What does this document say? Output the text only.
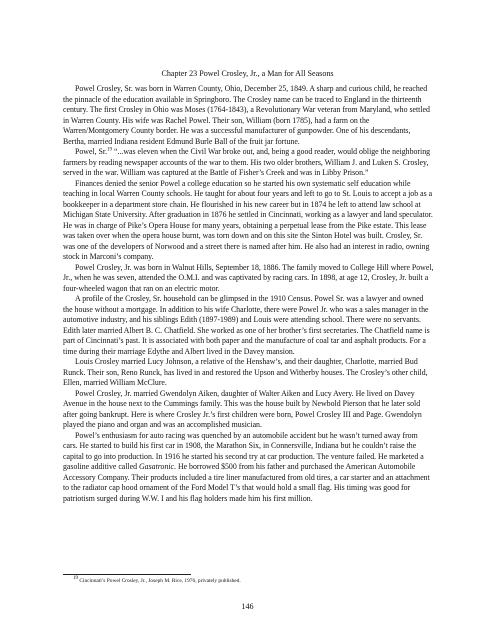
Chapter 23 Powel Crosley, Jr., a Man for All Seasons

Powel Crosley, Sr. was born in Warren County, Ohio, December 25, 1849. A sharp and curious child, he reached the pinnacle of the education available in Springboro. The Crosley name can be traced to England in the thirteenth century. The first Crosley in Ohio was Moses (1764-1843), a Revolutionary War veteran from Maryland, who settled in Warren County. His wife was Rachel Powel. Their son, William (born 1785), had a farm on the Warren/Montgomery County border. He was a successful manufacturer of gunpowder. One of his descendants, Bertha, married Indiana resident Edmund Burle Ball of the fruit jar fortune.

Powel, Sr.$^{19}$ “...was eleven when the Civil War broke out, and, being a good reader, would oblige the neighboring farmers by reading newspaper accounts of the war to them. His two older brothers, William J. and Luken S. Crosley, served in the war. William was captured at the Battle of Fisher’s Creek and was in Libby Prison.”

Finances denied the senior Powel a college education so he started his own systematic self education while teaching in local Warren County schools. He taught for about four years and left to go to St. Louis to accept a job as a bookkeeper in a department store chain. He flourished in his new career but in 1874 he left to attend law school at Michigan State University. After graduation in 1876 he settled in Cincinnati, working as a lawyer and land speculator. He was in charge of Pike’s Opera House for many years, obtaining a perpetual lease from the Pike estate. This lease was taken over when the opera house burnt, was torn down and on this site the Sinton Hotel was built. Crosley, Sr. was one of the developers of Norwood and a street there is named after him. He also had an interest in radio, owning stock in Marconi’s company.

Powel Crosley, Jr. was born in Walnut Hills, September 18, 1886. The family moved to College Hill where Powel, Jr., when he was seven, attended the O.M.I. and was captivated by racing cars. In 1898, at age 12, Crosley, Jr. built a four-wheeled wagon that ran on an electric motor.

A profile of the Crosley, Sr. household can be glimpsed in the 1910 Census. Powel Sr. was a lawyer and owned the house without a mortgage. In addition to his wife Charlotte, there were Powel Jr. who was a sales manager in the automotive industry, and his siblings Edith (1897-1989) and Louis were attending school. There were no servants. Edith later married Albert B. C. Chatfield. She worked as one of her brother’s first secretaries. The Chatfield name is part of Cincinnati’s past. It is associated with both paper and the manufacture of coal tar and asphalt products. For a time during their marriage Edythe and Albert lived in the Davey mansion.

Louis Crosley married Lucy Johnson, a relative of the Henshaw’s, and their daughter, Charlotte, married Bud Runck. Their son, Reno Runck, has lived in and restored the Upson and Witherby houses. The Crosley’s other child, Ellen, married William McClure.

Powel Crosley, Jr. married Gwendolyn Aiken, daughter of Walter Aiken and Lucy Avery. He lived on Davey Avenue in the house next to the Cummings family. This was the house built by Newbold Pierson that he later sold after going bankrupt. Here is where Crosley Jr.’s first children were born, Powel Crosley III and Page. Gwendolyn played the piano and organ and was an accomplished musician.

Powel’s enthusiasm for auto racing was quenched by an automobile accident but he wasn’t turned away from cars. He started to build his first car in 1908, the Marathon Six, in Connersville, Indiana but he couldn’t raise the capital to go into production. In 1916 he started his second try at car production. The venture failed. He marketed a gasoline additive called Gasatronic. He borrowed $500 from his father and purchased the American Automobile Accessory Company. Their products included a tire liner manufactured from old tires, a car starter and an attachment to the radiator cap hood ornament of the Ford Model T’s that would hold a small flag. His timing was good for patriotism surged during W.W. I and his flag holders made him his first million.

$^{19}$ Cincinnati’s Powel Crosley, Jr., Joseph M. Rice, 1976, privately published.
146
